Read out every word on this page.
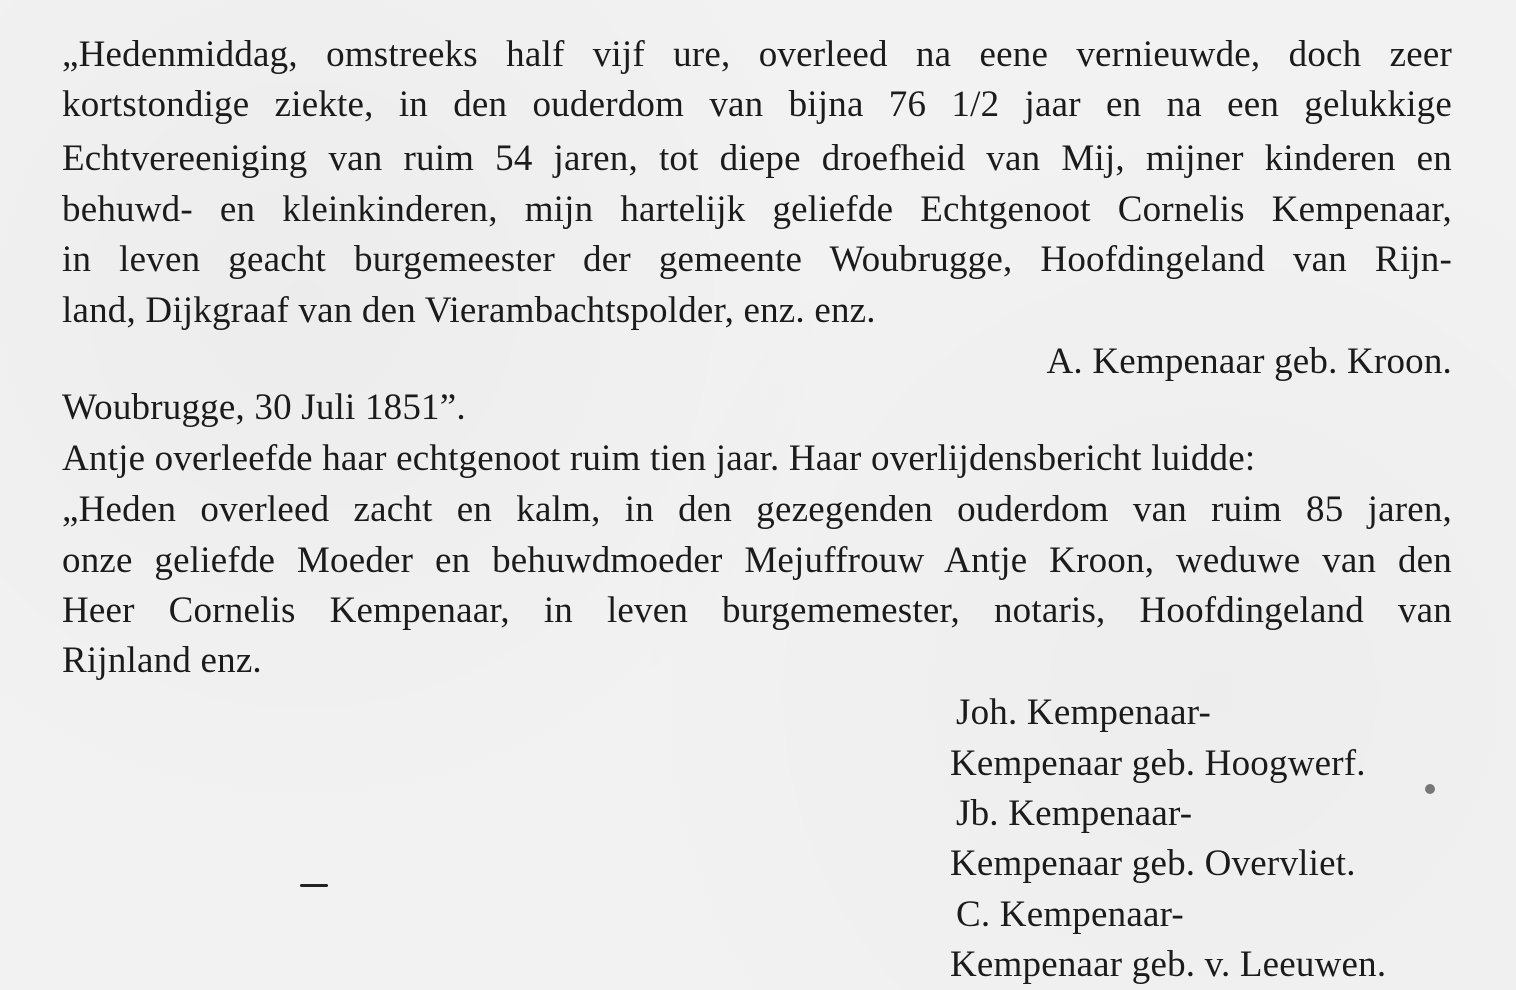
„Hedenmiddag, omstreeks half vijf ure, overleed na eene vernieuwde, doch zeer
kortstondige ziekte, in den ouderdom van bijna 76 1/2 jaar en na een gelukkige
Echtvereeniging van ruim 54 jaren, tot diepe droefheid van Mij, mijner kinderen en
behuwd- en kleinkinderen, mijn hartelijk geliefde Echtgenoot Cornelis Kempenaar,
in leven geacht burgemeester der gemeente Woubrugge, Hoofdingeland van Rijn-
land, Dijkgraaf van den Vierambachtspolder, enz. enz.
A. Kempenaar geb. Kroon.
Woubrugge, 30 Juli 1851”.
Antje overleefde haar echtgenoot ruim tien jaar. Haar overlijdensbericht luidde:
„Heden overleed zacht en kalm, in den gezegenden ouderdom van ruim 85 jaren,
onze geliefde Moeder en behuwdmoeder Mejuffrouw Antje Kroon, weduwe van den
Heer Cornelis Kempenaar, in leven burgememester, notaris, Hoofdingeland van
Rijnland enz.
Joh. Kempenaar-
Kempenaar geb. Hoogwerf.
Jb. Kempenaar-
Kempenaar geb. Overvliet.
C. Kempenaar-
Kempenaar geb. v. Leeuwen.
